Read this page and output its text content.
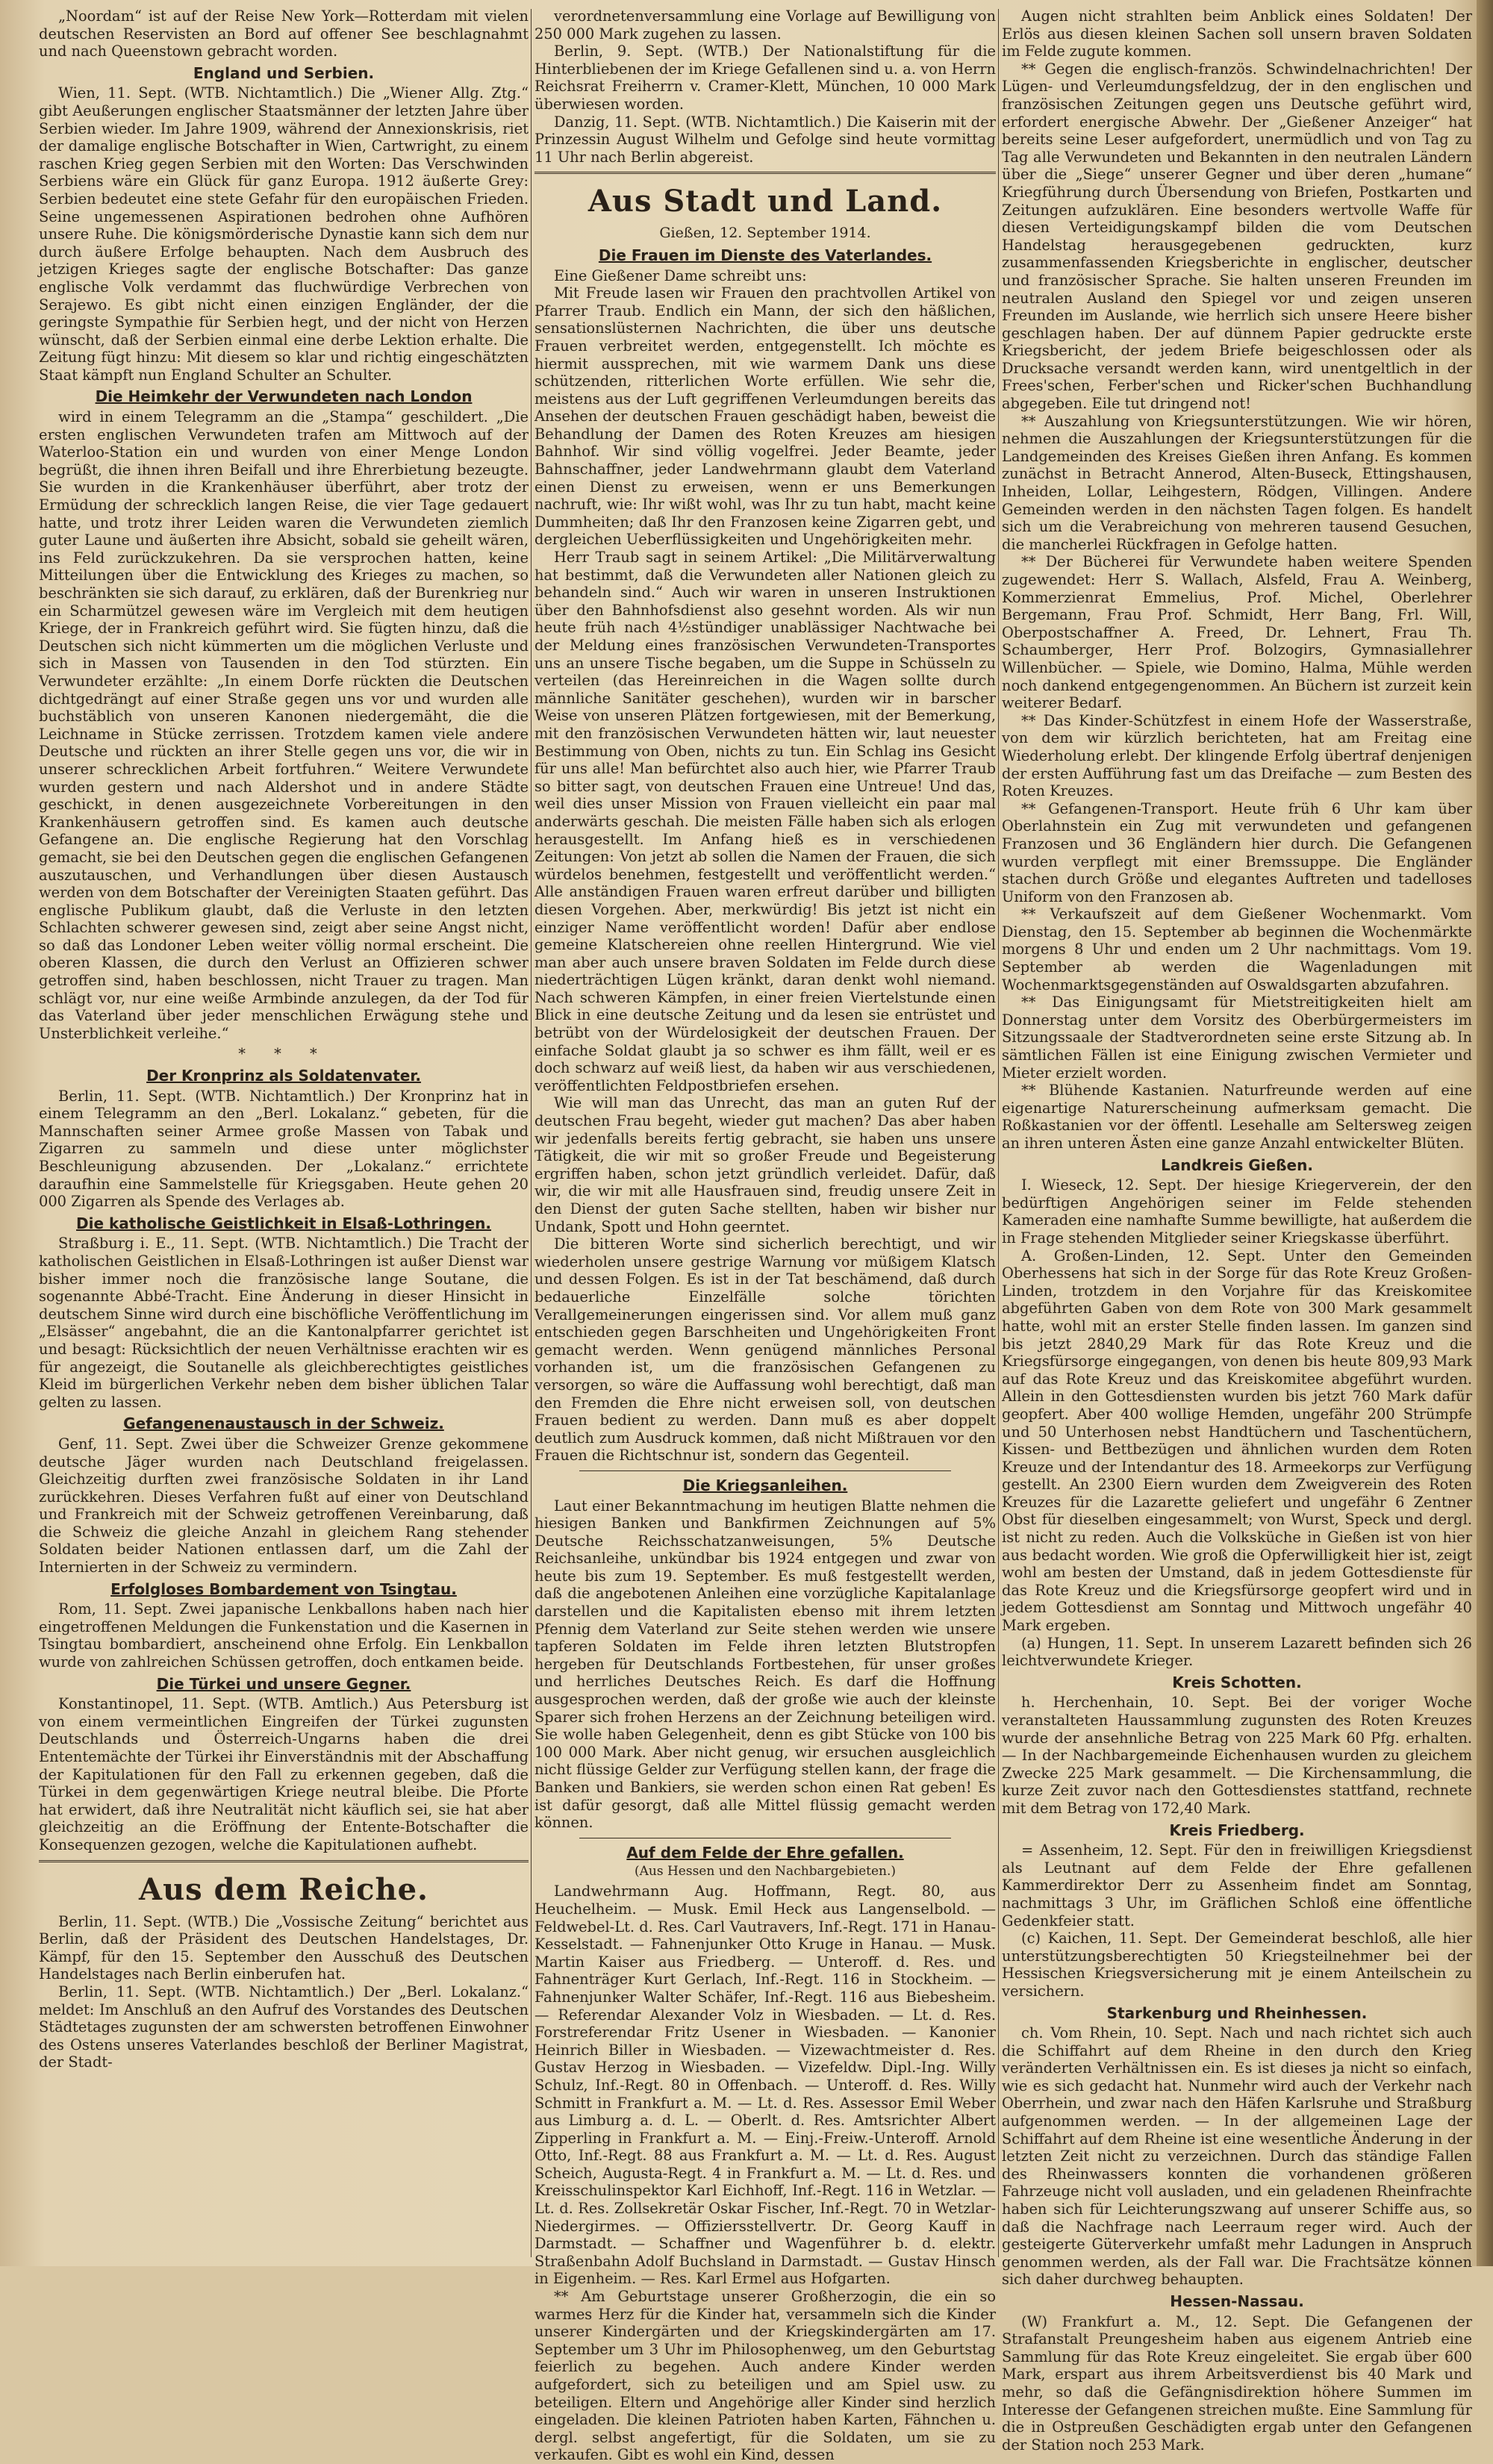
„Noordam“ ist auf der Reise New York—Rotterdam mit vielen deutschen Reservisten an Bord auf offener See beschlagnahmt und nach Queenstown gebracht worden.

England und Serbien.

Wien, 11. Sept. (WTB. Nichtamtlich.) Die „Wiener Allg. Ztg.“ gibt Aeußerungen englischer Staatsmänner der letzten Jahre über Serbien wieder. Im Jahre 1909, während der Annexionskrisis, riet der damalige englische Botschafter in Wien, Cartwright, zu einem raschen Krieg gegen Serbien mit den Worten: Das Verschwinden Serbiens wäre ein Glück für ganz Europa. 1912 äußerte Grey: Serbien bedeutet eine stete Gefahr für den europäischen Frieden. Seine ungemessenen Aspirationen bedrohen ohne Aufhören unsere Ruhe. Die königsmörderische Dynastie kann sich dem nur durch äußere Erfolge behaupten. Nach dem Ausbruch des jetzigen Krieges sagte der englische Botschafter: Das ganze englische Volk verdammt das fluchwürdige Verbrechen von Serajewo. Es gibt nicht einen einzigen Engländer, der die geringste Sympathie für Serbien hegt, und der nicht von Herzen wünscht, daß der Serbien einmal eine derbe Lektion erhalte. Die Zeitung fügt hinzu: Mit diesem so klar und richtig eingeschätzten Staat kämpft nun England Schulter an Schulter.

Die Heimkehr der Verwundeten nach London

wird in einem Telegramm an die „Stampa“ geschildert. „Die ersten englischen Verwundeten trafen am Mittwoch auf der Waterloo-Station ein und wurden von einer Menge London begrüßt, die ihnen ihren Beifall und ihre Ehrerbietung bezeugte. Sie wurden in die Krankenhäuser überführt, aber trotz der Ermüdung der schrecklich langen Reise, die vier Tage gedauert hatte, und trotz ihrer Leiden waren die Verwundeten ziemlich guter Laune und äußerten ihre Absicht, sobald sie geheilt wären, ins Feld zurückzukehren. Da sie versprochen hatten, keine Mitteilungen über die Entwicklung des Krieges zu machen, so beschränkten sie sich darauf, zu erklären, daß der Burenkrieg nur ein Scharmützel gewesen wäre im Vergleich mit dem heutigen Kriege, der in Frankreich geführt wird. Sie fügten hinzu, daß die Deutschen sich nicht kümmerten um die möglichen Verluste und sich in Massen von Tausenden in den Tod stürzten. Ein Verwundeter erzählte: „In einem Dorfe rückten die Deutschen dichtgedrängt auf einer Straße gegen uns vor und wurden alle buchstäblich von unseren Kanonen niedergemäht, die die Leichname in Stücke zerrissen. Trotzdem kamen viele andere Deutsche und rückten an ihrer Stelle gegen uns vor, die wir in unserer schrecklichen Arbeit fortfuhren.“ Weitere Verwundete wurden gestern und nach Aldershot und in andere Städte geschickt, in denen ausgezeichnete Vorbereitungen in den Krankenhäusern getroffen sind. Es kamen auch deutsche Gefangene an. Die englische Regierung hat den Vorschlag gemacht, sie bei den Deutschen gegen die englischen Gefangenen auszutauschen, und Verhandlungen über diesen Austausch werden von dem Botschafter der Vereinigten Staaten geführt. Das englische Publikum glaubt, daß die Verluste in den letzten Schlachten schwerer gewesen sind, zeigt aber seine Angst nicht, so daß das Londoner Leben weiter völlig normal erscheint. Die oberen Klassen, die durch den Verlust an Offizieren schwer getroffen sind, haben beschlossen, nicht Trauer zu tragen. Man schlägt vor, nur eine weiße Armbinde anzulegen, da der Tod für das Vaterland über jeder menschlichen Erwägung stehe und Unsterblichkeit verleihe.“

* * *
Der Kronprinz als Soldatenvater.

Berlin, 11. Sept. (WTB. Nichtamtlich.) Der Kronprinz hat in einem Telegramm an den „Berl. Lokalanz.“ gebeten, für die Mannschaften seiner Armee große Massen von Tabak und Zigarren zu sammeln und diese unter möglichster Beschleunigung abzusenden. Der „Lokalanz.“ errichtete daraufhin eine Sammelstelle für Kriegsgaben. Heute gehen 20 000 Zigarren als Spende des Verlages ab.

Die katholische Geistlichkeit in Elsaß-Lothringen.

Straßburg i. E., 11. Sept. (WTB. Nichtamtlich.) Die Tracht der katholischen Geistlichen in Elsaß-Lothringen ist außer Dienst war bisher immer noch die französische lange Soutane, die sogenannte Abbé-Tracht. Eine Änderung in dieser Hinsicht in deutschem Sinne wird durch eine bischöfliche Veröffentlichung im „Elsässer“ angebahnt, die an die Kantonalpfarrer gerichtet ist und besagt: Rücksichtlich der neuen Verhältnisse erachten wir es für angezeigt, die Soutanelle als gleichberechtigtes geistliches Kleid im bürgerlichen Verkehr neben dem bisher üblichen Talar gelten zu lassen.

Gefangenenaustausch in der Schweiz.

Genf, 11. Sept. Zwei über die Schweizer Grenze gekommene deutsche Jäger wurden nach Deutschland freigelassen. Gleichzeitig durften zwei französische Soldaten in ihr Land zurückkehren. Dieses Verfahren fußt auf einer von Deutschland und Frankreich mit der Schweiz getroffenen Vereinbarung, daß die Schweiz die gleiche Anzahl in gleichem Rang stehender Soldaten beider Nationen entlassen darf, um die Zahl der Internierten in der Schweiz zu vermindern.

Erfolgloses Bombardement von Tsingtau.

Rom, 11. Sept. Zwei japanische Lenkballons haben nach hier eingetroffenen Meldungen die Funkenstation und die Kasernen in Tsingtau bombardiert, anscheinend ohne Erfolg. Ein Lenkballon wurde von zahlreichen Schüssen getroffen, doch entkamen beide.

Die Türkei und unsere Gegner.

Konstantinopel, 11. Sept. (WTB. Amtlich.) Aus Petersburg ist von einem vermeintlichen Eingreifen der Türkei zugunsten Deutschlands und Österreich-Ungarns haben die drei Ententemächte der Türkei ihr Einverständnis mit der Abschaffung der Kapitulationen für den Fall zu erkennen gegeben, daß die Türkei in dem gegenwärtigen Kriege neutral bleibe. Die Pforte hat erwidert, daß ihre Neutralität nicht käuflich sei, sie hat aber gleichzeitig an die Eröffnung der Entente-Botschafter die Konsequenzen gezogen, welche die Kapitulationen aufhebt.

Aus dem Reiche.

Berlin, 11. Sept. (WTB.) Die „Vossische Zeitung“ berichtet aus Berlin, daß der Präsident des Deutschen Handelstages, Dr. Kämpf, für den 15. September den Ausschuß des Deutschen Handelstages nach Berlin einberufen hat.

Berlin, 11. Sept. (WTB. Nichtamtlich.) Der „Berl. Lokalanz.“ meldet: Im Anschluß an den Aufruf des Vorstandes des Deutschen Städtetages zugunsten der am schwersten betroffenen Einwohner des Ostens unseres Vaterlandes beschloß der Berliner Magistrat, der Stadt-

verordnetenversammlung eine Vorlage auf Bewilligung von 250 000 Mark zugehen zu lassen.

Berlin, 9. Sept. (WTB.) Der Nationalstiftung für die Hinterbliebenen der im Kriege Gefallenen sind u. a. von Herrn Reichsrat Freiherrn v. Cramer-Klett, München, 10 000 Mark überwiesen worden.

Danzig, 11. Sept. (WTB. Nichtamtlich.) Die Kaiserin mit der Prinzessin August Wilhelm und Gefolge sind heute vormittag 11 Uhr nach Berlin abgereist.

Aus Stadt und Land.
Gießen, 12. September 1914.
Die Frauen im Dienste des Vaterlandes.

Eine Gießener Dame schreibt uns:

Mit Freude lasen wir Frauen den prachtvollen Artikel von Pfarrer Traub. Endlich ein Mann, der sich den häßlichen, sensationslüsternen Nachrichten, die über uns deutsche Frauen verbreitet werden, entgegenstellt. Ich möchte es hiermit aussprechen, mit wie warmem Dank uns diese schützenden, ritterlichen Worte erfüllen. Wie sehr die, meistens aus der Luft gegriffenen Verleumdungen bereits das Ansehen der deutschen Frauen geschädigt haben, beweist die Behandlung der Damen des Roten Kreuzes am hiesigen Bahnhof. Wir sind völlig vogelfrei. Jeder Beamte, jeder Bahnschaffner, jeder Landwehrmann glaubt dem Vaterland einen Dienst zu erweisen, wenn er uns Bemerkungen nachruft, wie: Ihr wißt wohl, was Ihr zu tun habt, macht keine Dummheiten; daß Ihr den Franzosen keine Zigarren gebt, und dergleichen Ueberflüssigkeiten und Ungehörigkeiten mehr.

Herr Traub sagt in seinem Artikel: „Die Militärverwaltung hat bestimmt, daß die Verwundeten aller Nationen gleich zu behandeln sind.“ Auch wir waren in unseren Instruktionen über den Bahnhofsdienst also gesehnt worden. Als wir nun heute früh nach 4½stündiger unablässiger Nachtwache bei der Meldung eines französischen Verwundeten-Transportes uns an unsere Tische begaben, um die Suppe in Schüsseln zu verteilen (das Hereinreichen in die Wagen sollte durch männliche Sanitäter geschehen), wurden wir in barscher Weise von unseren Plätzen fortgewiesen, mit der Bemerkung, mit den französischen Verwundeten hätten wir, laut neuester Bestimmung von Oben, nichts zu tun. Ein Schlag ins Gesicht für uns alle! Man befürchtet also auch hier, wie Pfarrer Traub so bitter sagt, von deutschen Frauen eine Untreue! Und das, weil dies unser Mission von Frauen vielleicht ein paar mal anderwärts geschah. Die meisten Fälle haben sich als erlogen herausgestellt. Im Anfang hieß es in verschiedenen Zeitungen: Von jetzt ab sollen die Namen der Frauen, die sich würdelos benehmen, festgestellt und veröffentlicht werden.“ Alle anständigen Frauen waren erfreut darüber und billigten diesen Vorgehen. Aber, merkwürdig! Bis jetzt ist nicht ein einziger Name veröffentlicht worden! Dafür aber endlose gemeine Klatschereien ohne reellen Hintergrund. Wie viel man aber auch unsere braven Soldaten im Felde durch diese niederträchtigen Lügen kränkt, daran denkt wohl niemand. Nach schweren Kämpfen, in einer freien Viertelstunde einen Blick in eine deutsche Zeitung und da lesen sie entrüstet und betrübt von der Würdelosigkeit der deutschen Frauen. Der einfache Soldat glaubt ja so schwer es ihm fällt, weil er es doch schwarz auf weiß liest, da haben wir aus verschiedenen, veröffentlichten Feldpostbriefen ersehen.

Wie will man das Unrecht, das man an guten Ruf der deutschen Frau begeht, wieder gut machen? Das aber haben wir jedenfalls bereits fertig gebracht, sie haben uns unsere Tätigkeit, die wir mit so großer Freude und Begeisterung ergriffen haben, schon jetzt gründlich verleidet. Dafür, daß wir, die wir mit alle Hausfrauen sind, freudig unsere Zeit in den Dienst der guten Sache stellten, haben wir bisher nur Undank, Spott und Hohn geerntet.

Die bitteren Worte sind sicherlich berechtigt, und wir wiederholen unsere gestrige Warnung vor müßigem Klatsch und dessen Folgen. Es ist in der Tat beschämend, daß durch bedauerliche Einzelfälle solche törichten Verallgemeinerungen eingerissen sind. Vor allem muß ganz entschieden gegen Barschheiten und Ungehörigkeiten Front gemacht werden. Wenn genügend männliches Personal vorhanden ist, um die französischen Gefangenen zu versorgen, so wäre die Auffassung wohl berechtigt, daß man den Fremden die Ehre nicht erweisen soll, von deutschen Frauen bedient zu werden. Dann muß es aber doppelt deutlich zum Ausdruck kommen, daß nicht Mißtrauen vor den Frauen die Richtschnur ist, sondern das Gegenteil.

Die Kriegsanleihen.

Laut einer Bekanntmachung im heutigen Blatte nehmen die hiesigen Banken und Bankfirmen Zeichnungen auf 5% Deutsche Reichsschatzanweisungen, 5% Deutsche Reichsanleihe, unkündbar bis 1924 entgegen und zwar von heute bis zum 19. September. Es muß festgestellt werden, daß die angebotenen Anleihen eine vorzügliche Kapitalanlage darstellen und die Kapitalisten ebenso mit ihrem letzten Pfennig dem Vaterland zur Seite stehen werden wie unsere tapferen Soldaten im Felde ihren letzten Blutstropfen hergeben für Deutschlands Fortbestehen, für unser großes und herrliches Deutsches Reich. Es darf die Hoffnung ausgesprochen werden, daß der große wie auch der kleinste Sparer sich frohen Herzens an der Zeichnung beteiligen wird. Sie wolle haben Gelegenheit, denn es gibt Stücke von 100 bis 100 000 Mark. Aber nicht genug, wir ersuchen ausgleichlich nicht flüssige Gelder zur Verfügung stellen kann, der frage die Banken und Bankiers, sie werden schon einen Rat geben! Es ist dafür gesorgt, daß alle Mittel flüssig gemacht werden können.

Auf dem Felde der Ehre gefallen.
(Aus Hessen und den Nachbargebieten.)

Landwehrmann Aug. Hoffmann, Regt. 80, aus Heuchelheim. — Musk. Emil Heck aus Langenselbold. — Feldwebel-Lt. d. Res. Carl Vautravers, Inf.-Regt. 171 in Hanau-Kesselstadt. — Fahnenjunker Otto Kruge in Hanau. — Musk. Martin Kaiser aus Friedberg. — Unteroff. d. Res. und Fahnenträger Kurt Gerlach, Inf.-Regt. 116 in Stockheim. — Fahnenjunker Walter Schäfer, Inf.-Regt. 116 aus Biebesheim. — Referendar Alexander Volz in Wiesbaden. — Lt. d. Res. Forstreferendar Fritz Usener in Wiesbaden. — Kanonier Heinrich Biller in Wiesbaden. — Vizewachtmeister d. Res. Gustav Herzog in Wiesbaden. — Vizefeldw. Dipl.-Ing. Willy Schulz, Inf.-Regt. 80 in Offenbach. — Unteroff. d. Res. Willy Schmitt in Frankfurt a. M. — Lt. d. Res. Assessor Emil Weber aus Limburg a. d. L. — Oberlt. d. Res. Amtsrichter Albert Zipperling in Frankfurt a. M. — Einj.-Freiw.-Unteroff. Arnold Otto, Inf.-Regt. 88 aus Frankfurt a. M. — Lt. d. Res. August Scheich, Augusta-Regt. 4 in Frankfurt a. M. — Lt. d. Res. und Kreisschulinspektor Karl Eichhoff, Inf.-Regt. 116 in Wetzlar. — Lt. d. Res. Zollsekretär Oskar Fischer, Inf.-Regt. 70 in Wetzlar-Niedergirmes. — Offiziersstellvertr. Dr. Georg Kauff in Darmstadt. — Schaffner und Wagenführer b. d. elektr. Straßenbahn Adolf Buchsland in Darmstadt. — Gustav Hinsch in Eigenheim. — Res. Karl Ermel aus Hofgarten.

** Am Geburtstage unserer Großherzogin, die ein so warmes Herz für die Kinder hat, versammeln sich die Kinder unserer Kindergärten und der Kriegskindergärten am 17. September um 3 Uhr im Philosophenweg, um den Geburtstag feierlich zu begehen. Auch andere Kinder werden aufgefordert, sich zu beteiligen und am Spiel usw. zu beteiligen. Eltern und Angehörige aller Kinder sind herzlich eingeladen. Die kleinen Patrioten haben Karten, Fähnchen u. dergl. selbst angefertigt, für die Soldaten, um sie zu verkaufen. Gibt es wohl ein Kind, dessen

Augen nicht strahlten beim Anblick eines Soldaten! Der Erlös aus diesen kleinen Sachen soll unsern braven Soldaten im Felde zugute kommen.

** Gegen die englisch-französ. Schwindelnachrichten! Der Lügen- und Verleumdungsfeldzug, der in den englischen und französischen Zeitungen gegen uns Deutsche geführt wird, erfordert energische Abwehr. Der „Gießener Anzeiger“ hat bereits seine Leser aufgefordert, unermüdlich und von Tag zu Tag alle Verwundeten und Bekannten in den neutralen Ländern über die „Siege“ unserer Gegner und über deren „humane“ Kriegführung durch Übersendung von Briefen, Postkarten und Zeitungen aufzuklären. Eine besonders wertvolle Waffe für diesen Verteidigungskampf bilden die vom Deutschen Handelstag herausgegebenen gedruckten, kurz zusammenfassenden Kriegsberichte in englischer, deutscher und französischer Sprache. Sie halten unseren Freunden im neutralen Ausland den Spiegel vor und zeigen unseren Freunden im Auslande, wie herrlich sich unsere Heere bisher geschlagen haben. Der auf dünnem Papier gedruckte erste Kriegsbericht, der jedem Briefe beigeschlossen oder als Drucksache versandt werden kann, wird unentgeltlich in der Frees'schen, Ferber'schen und Ricker'schen Buchhandlung abgegeben. Eile tut dringend not!

** Auszahlung von Kriegsunterstützungen. Wie wir hören, nehmen die Auszahlungen der Kriegsunterstützungen für die Landgemeinden des Kreises Gießen ihren Anfang. Es kommen zunächst in Betracht Annerod, Alten-Buseck, Ettingshausen, Inheiden, Lollar, Leihgestern, Rödgen, Villingen. Andere Gemeinden werden in den nächsten Tagen folgen. Es handelt sich um die Verabreichung von mehreren tausend Gesuchen, die mancherlei Rückfragen in Gefolge hatten.

** Der Bücherei für Verwundete haben weitere Spenden zugewendet: Herr S. Wallach, Alsfeld, Frau A. Weinberg, Kommerzienrat Emmelius, Prof. Michel, Oberlehrer Bergemann, Frau Prof. Schmidt, Herr Bang, Frl. Will, Oberpostschaffner A. Freed, Dr. Lehnert, Frau Th. Schaumberger, Herr Prof. Bolzogirs, Gymnasiallehrer Willenbücher. — Spiele, wie Domino, Halma, Mühle werden noch dankend entgegengenommen. An Büchern ist zurzeit kein weiterer Bedarf.

** Das Kinder-Schützfest in einem Hofe der Wasserstraße, von dem wir kürzlich berichteten, hat am Freitag eine Wiederholung erlebt. Der klingende Erfolg übertraf denjenigen der ersten Aufführung fast um das Dreifache — zum Besten des Roten Kreuzes.

** Gefangenen-Transport. Heute früh 6 Uhr kam über Oberlahnstein ein Zug mit verwundeten und gefangenen Franzosen und 36 Engländern hier durch. Die Gefangenen wurden verpflegt mit einer Bremssuppe. Die Engländer stachen durch Größe und elegantes Auftreten und tadelloses Uniform von den Franzosen ab.

** Verkaufszeit auf dem Gießener Wochenmarkt. Vom Dienstag, den 15. September ab beginnen die Wochenmärkte morgens 8 Uhr und enden um 2 Uhr nachmittags. Vom 19. September ab werden die Wagenladungen mit Wochenmarktsgegenständen auf Oswaldsgarten abzufahren.

** Das Einigungsamt für Mietstreitigkeiten hielt am Donnerstag unter dem Vorsitz des Oberbürgermeisters im Sitzungssaale der Stadtverordneten seine erste Sitzung ab. In sämtlichen Fällen ist eine Einigung zwischen Vermieter und Mieter erzielt worden.

** Blühende Kastanien. Naturfreunde werden auf eine eigenartige Naturerscheinung aufmerksam gemacht. Die Roßkastanien vor der öffentl. Lesehalle am Seltersweg zeigen an ihren unteren Ästen eine ganze Anzahl entwickelter Blüten.

Landkreis Gießen.

I. Wieseck, 12. Sept. Der hiesige Kriegerverein, der den bedürftigen Angehörigen seiner im Felde stehenden Kameraden eine namhafte Summe bewilligte, hat außerdem die in Frage stehenden Mitglieder seiner Kriegskasse überführt.

A. Großen-Linden, 12. Sept. Unter den Gemeinden Oberhessens hat sich in der Sorge für das Rote Kreuz Großen-Linden, trotzdem in den Vorjahre für das Kreiskomitee abgeführten Gaben von dem Rote von 300 Mark gesammelt hatte, wohl mit an erster Stelle finden lassen. Im ganzen sind bis jetzt 2840,29 Mark für das Rote Kreuz und die Kriegsfürsorge eingegangen, von denen bis heute 809,93 Mark auf das Rote Kreuz und das Kreiskomitee abgeführt wurden. Allein in den Gottesdiensten wurden bis jetzt 760 Mark dafür geopfert. Aber 400 wollige Hemden, ungefähr 200 Strümpfe und 50 Unterhosen nebst Handtüchern und Taschentüchern, Kissen- und Bettbezügen und ähnlichen wurden dem Roten Kreuze und der Intendantur des 18. Armeekorps zur Verfügung gestellt. An 2300 Eiern wurden dem Zweigverein des Roten Kreuzes für die Lazarette geliefert und ungefähr 6 Zentner Obst für dieselben eingesammelt; von Wurst, Speck und dergl. ist nicht zu reden. Auch die Volksküche in Gießen ist von hier aus bedacht worden. Wie groß die Opferwilligkeit hier ist, zeigt wohl am besten der Umstand, daß in jedem Gottesdienste für das Rote Kreuz und die Kriegsfürsorge geopfert wird und in jedem Gottesdienst am Sonntag und Mittwoch ungefähr 40 Mark ergeben.

(a) Hungen, 11. Sept. In unserem Lazarett befinden sich 26 leichtverwundete Krieger.

Kreis Schotten.

h. Herchenhain, 10. Sept. Bei der voriger Woche veranstalteten Haussammlung zugunsten des Roten Kreuzes wurde der ansehnliche Betrag von 225 Mark 60 Pfg. erhalten. — In der Nachbargemeinde Eichenhausen wurden zu gleichem Zwecke 225 Mark gesammelt. — Die Kirchensammlung, die kurze Zeit zuvor nach den Gottesdienstes stattfand, rechnete mit dem Betrag von 172,40 Mark.

Kreis Friedberg.

= Assenheim, 12. Sept. Für den in freiwilligen Kriegsdienst als Leutnant auf dem Felde der Ehre gefallenen Kammerdirektor Derr zu Assenheim findet am Sonntag, nachmittags 3 Uhr, im Gräflichen Schloß eine öffentliche Gedenkfeier statt.

(c) Kaichen, 11. Sept. Der Gemeinderat beschloß, alle hier unterstützungsberechtigten 50 Kriegsteilnehmer bei der Hessischen Kriegsversicherung mit je einem Anteilschein zu versichern.

Starkenburg und Rheinhessen.

ch. Vom Rhein, 10. Sept. Nach und nach richtet sich auch die Schiffahrt auf dem Rheine in den durch den Krieg veränderten Verhältnissen ein. Es ist dieses ja nicht so einfach, wie es sich gedacht hat. Nunmehr wird auch der Verkehr nach Oberrhein, und zwar nach den Häfen Karlsruhe und Straßburg aufgenommen werden. — In der allgemeinen Lage der Schiffahrt auf dem Rheine ist eine wesentliche Änderung in der letzten Zeit nicht zu verzeichnen. Durch das ständige Fallen des Rheinwassers konnten die vorhandenen größeren Fahrzeuge nicht voll ausladen, und ein geladenen Rheinfrachte haben sich für Leichterungszwang auf unserer Schiffe aus, so daß die Nachfrage nach Leerraum reger wird. Auch der gesteigerte Güterverkehr umfaßt mehr Ladungen in Anspruch genommen werden, als der Fall war. Die Frachtsätze können sich daher durchweg behaupten.

Hessen-Nassau.

(W) Frankfurt a. M., 12. Sept. Die Gefangenen der Strafanstalt Preungesheim haben aus eigenem Antrieb eine Sammlung für das Rote Kreuz eingeleitet. Sie ergab über 600 Mark, erspart aus ihrem Arbeitsverdienst bis 40 Mark und mehr, so daß die Gefängnisdirektion höhere Summen im Interesse der Gefangenen streichen mußte. Eine Sammlung für die in Ostpreußen Geschädigten ergab unter den Gefangenen der Station noch 253 Mark.
